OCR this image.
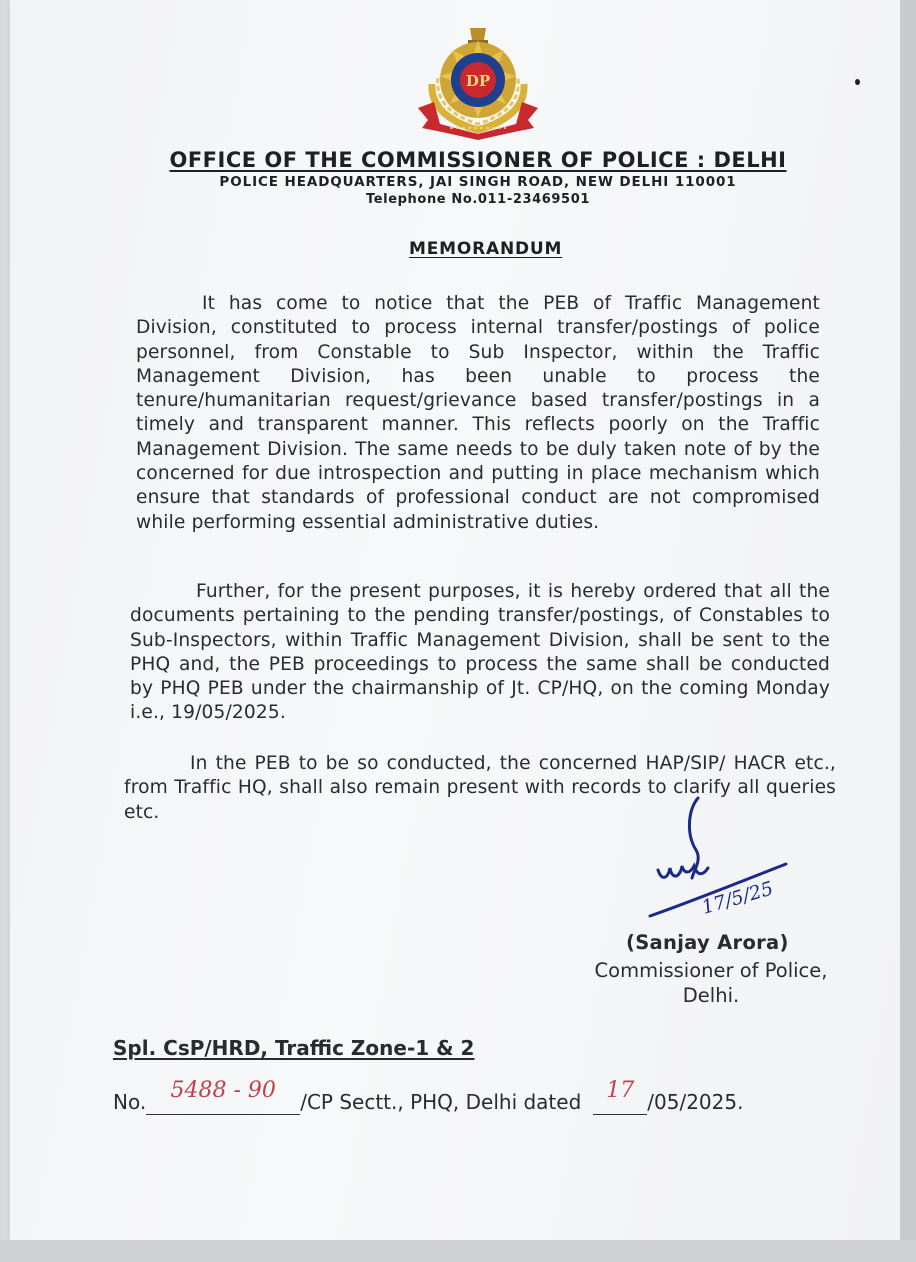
DP
OFFICE OF THE COMMISSIONER OF POLICE : DELHI
POLICE HEADQUARTERS, JAI SINGH ROAD, NEW DELHI 110001
Telephone No.011-23469501
MEMORANDUM
It has come to notice that the PEB of Traffic Management Division, constituted to process internal transfer/postings of police personnel, from Constable to Sub Inspector, within the Traffic Management Division, has been unable to process the tenure/humanitarian request/grievance based transfer/postings in a timely and transparent manner. This reflects poorly on the Traffic Management Division. The same needs to be duly taken note of by the concerned for due introspection and putting in place mechanism which ensure that standards of professional conduct are not compromised while performing essential administrative duties.
Further, for the present purposes, it is hereby ordered that all the documents pertaining to the pending transfer/postings, of Constables to Sub-Inspectors, within Traffic Management Division, shall be sent to the PHQ and, the PEB proceedings to process the same shall be conducted by PHQ PEB under the chairmanship of Jt. CP/HQ, on the coming Monday i.e., 19/05/2025.
In the PEB to be so conducted, the concerned HAP/SIP/ HACR etc., from Traffic HQ, shall also remain present with records to clarify all queries etc.
17/5/25
(Sanjay Arora)
Commissioner of Police,
Delhi.
Spl. CsP/HRD, Traffic Zone-1 & 2
No.	5488 - 90	/CP Sectt., PHQ, Delhi dated	17 /05/2025.
